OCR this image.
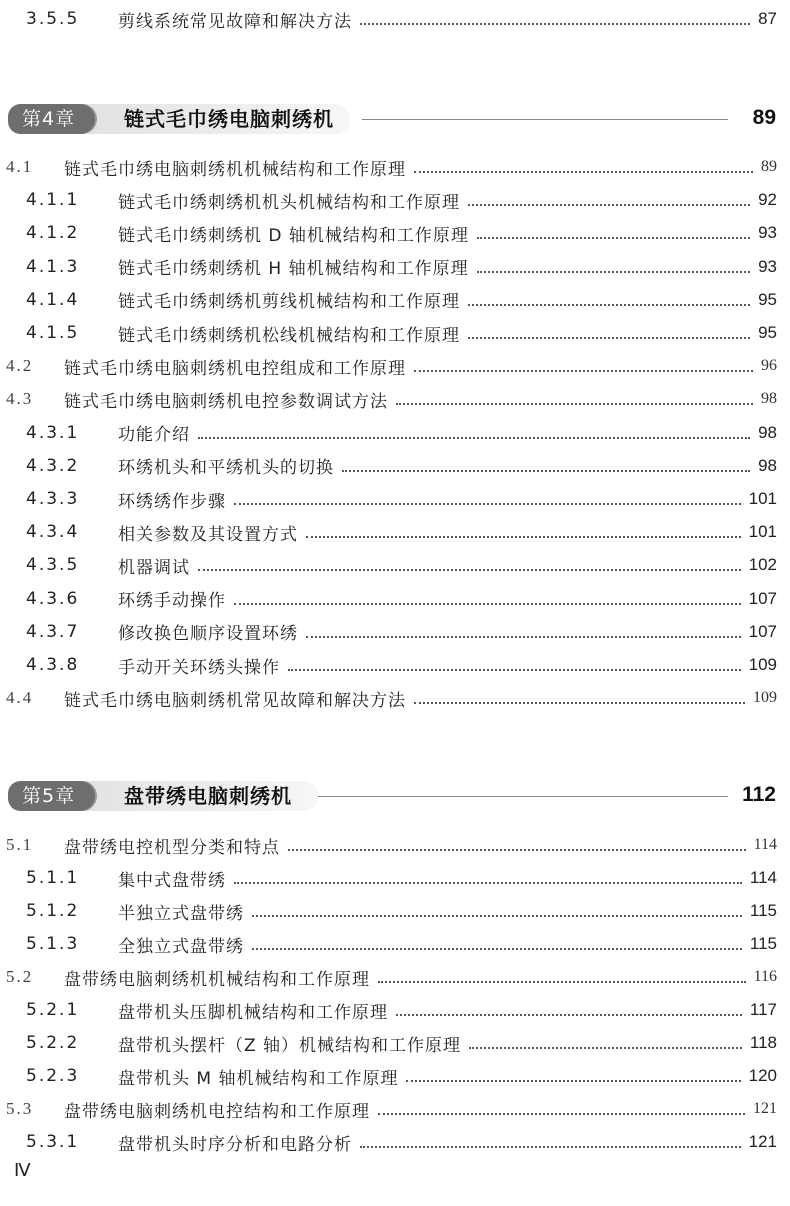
3.5.5	剪线系统常见故障和解决方法	87
第4章	链式毛巾绣电脑刺绣机	89
4.1	链式毛巾绣电脑刺绣机机械结构和工作原理	89
4.1.1	链式毛巾绣刺绣机机头机械结构和工作原理	92
4.1.2	链式毛巾绣刺绣机 D 轴机械结构和工作原理	93
4.1.3	链式毛巾绣刺绣机 H 轴机械结构和工作原理	93
4.1.4	链式毛巾绣刺绣机剪线机械结构和工作原理	95
4.1.5	链式毛巾绣刺绣机松线机械结构和工作原理	95
4.2	链式毛巾绣电脑刺绣机电控组成和工作原理	96
4.3	链式毛巾绣电脑刺绣机电控参数调试方法	98
4.3.1	功能介绍	98
4.3.2	环绣机头和平绣机头的切换	98
4.3.3	环绣绣作步骤	101
4.3.4	相关参数及其设置方式	101
4.3.5	机器调试	102
4.3.6	环绣手动操作	107
4.3.7	修改换色顺序设置环绣	107
4.3.8	手动开关环绣头操作	109
4.4	链式毛巾绣电脑刺绣机常见故障和解决方法	109
第5章	盘带绣电脑刺绣机	112
5.1	盘带绣电控机型分类和特点	114
5.1.1	集中式盘带绣	114
5.1.2	半独立式盘带绣	115
5.1.3	全独立式盘带绣	115
5.2	盘带绣电脑刺绣机机械结构和工作原理	116
5.2.1	盘带机头压脚机械结构和工作原理	117
5.2.2	盘带机头摆杆（Z 轴）机械结构和工作原理	118
5.2.3	盘带机头 M 轴机械结构和工作原理	120
5.3	盘带绣电脑刺绣机电控结构和工作原理	121
5.3.1	盘带机头时序分析和电路分析	121
Ⅳ
